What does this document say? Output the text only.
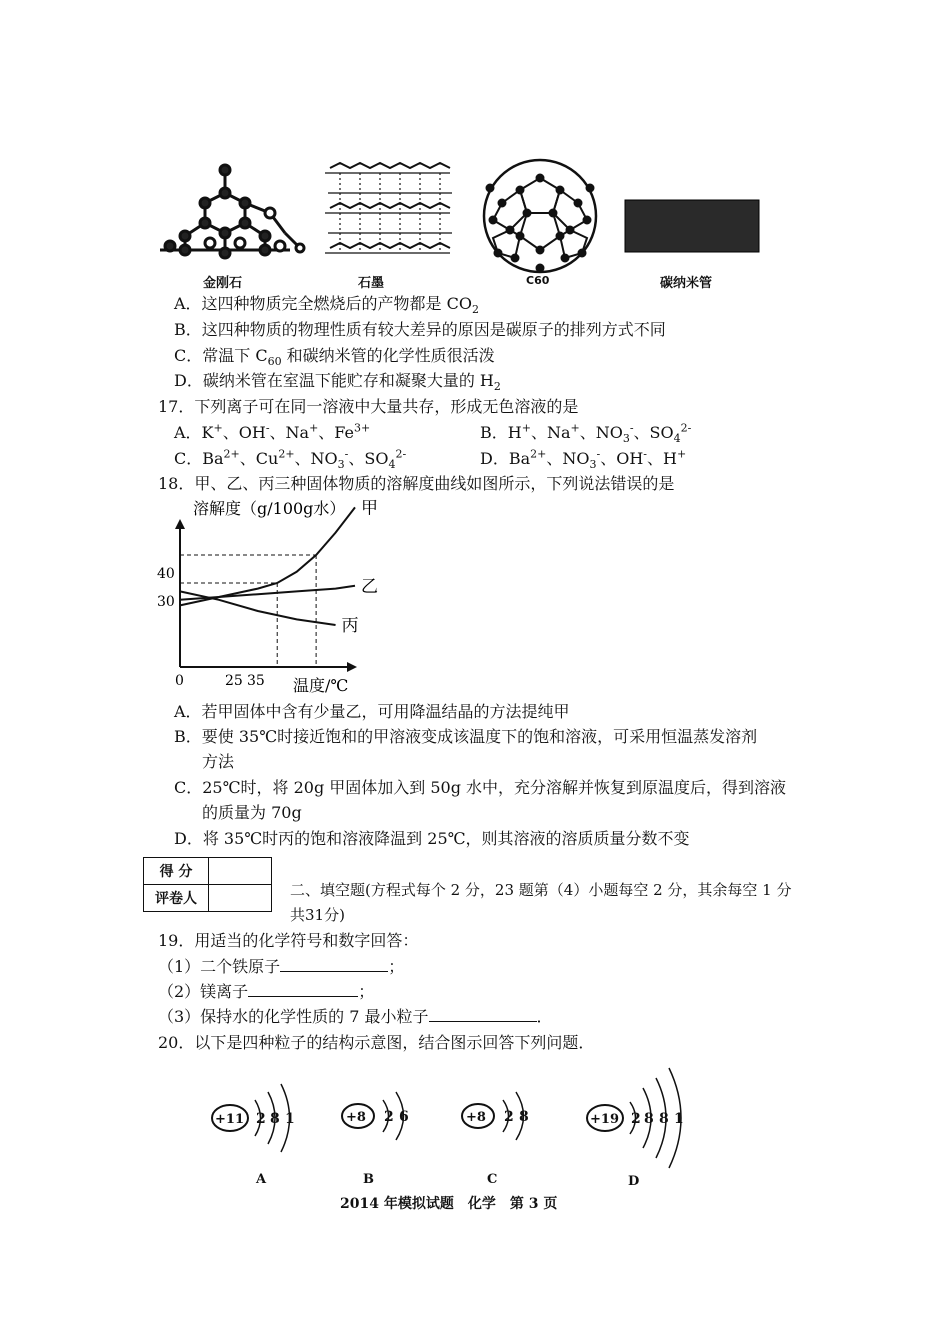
金刚石	石墨	C60	碳纳米管
A．这四种物质完全燃烧后的产物都是 $CO_2$
B．这四种物质的物理性质有较大差异的原因是碳原子的排列方式不同
C．常温下 $C_{60}$ 和碳纳米管的化学性质很活泼
D．碳纳米管在室温下能贮存和凝聚大量的 $H_2$
17．下列离子可在同一溶液中大量共存，形成无色溶液的是
A．K+、OH-、Na+、$Fe^{3+}$	B．H+、Na+、$NO_3^-$、$SO_4^{2-}$
C．$Ba^{2+}$、$Cu^{2+}$、$NO_3^-$、$SO_4^{2-}$	D．$Ba^{2+}$、$NO_3^-$、OH-、H+
18．甲、乙、丙三种固体物质的溶解度曲线如图所示，下列说法错误的是
溶解度（g/100g水）
0	25 35
40
30
温度/℃
甲
乙
丙
A．若甲固体中含有少量乙，可用降温结晶的方法提纯甲
B．要使 35℃时接近饱和的甲溶液变成该温度下的饱和溶液，可采用恒温蒸发溶剂
方法
C．25℃时，将 20g 甲固体加入到 50g 水中，充分溶解并恢复到原温度后，得到溶液
的质量为 70g
D．将 35℃时丙的饱和溶液降温到 25℃，则其溶液的溶质质量分数不变
得 分	
评卷人		二、填空题(方程式每个 2 分，23 题第（4）小题每空 2 分，其余每空 1 分
共31分)
19．用适当的化学符号和数字回答：
（1）二个铁原子	；
（2）镁离子	；
（3）保持水的化学性质的 7 最小粒子	．
20．以下是四种粒子的结构示意图，结合图示回答下列问题．
+11 2 8 1	+8 2 6	+8 2 8	+19 2 8 8 1
A	B	C	D
2014 年模拟试题　化学　第 3 页
